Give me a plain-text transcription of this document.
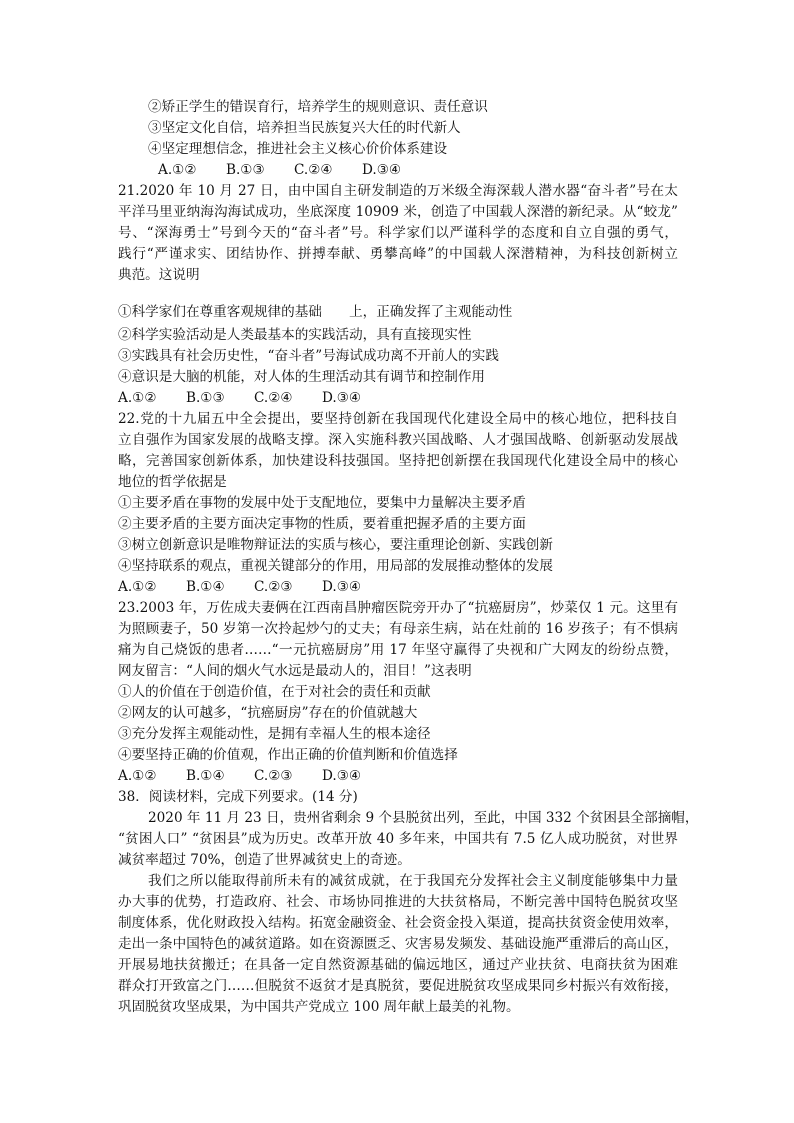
②矫正学生的错误育行，培养学生的规则意识、责任意识
③坚定文化自信，培养担当民族复兴大任的时代新人
④坚定理想信念，推进社会主义核心价价体系建设
A.①② B.①③ C.②④ D.③④
21.2020 年 10 月 27 日，由中国自主研发制造的万米级全海深载人潜水器“奋斗者”号在太
平洋马里亚纳海沟海试成功，坐底深度 10909 米，创造了中国载人深潜的新纪录。从“蛟龙”
号、“深海勇士”号到今天的“奋斗者”号。科学家们以严谨科学的态度和自立自强的勇气，
践行“严谨求实、团结协作、拼搏奉献、勇攀高峰”的中国载人深潜精神，为科技创新树立
典范。这说明
①科学家们在尊重客观规律的基础　　上，正确发挥了主观能动性
②科学实验活动是人类最基本的实践活动，具有直接现实性
③实践具有社会历史性，“奋斗者”号海试成功离不开前人的实践
④意识是大脑的机能，对人体的生理活动其有调节和控制作用
A.①② B.①③ C.②④ D.③④
22.党的十九届五中全会提出，要坚持创新在我国现代化建设全局中的核心地位，把科技自
立自强作为国家发展的战略支撑。深入实施科教兴国战略、人才强国战略、创新驱动发展战
略，完善国家创新体系，加快建设科技强国。坚持把创新摆在我国现代化建设全局中的核心
地位的哲学依据是
①主要矛盾在事物的发展中处于支配地位，要集中力量解决主要矛盾
②主要矛盾的主要方面决定事物的性质，要着重把握矛盾的主要方面
③树立创新意识是唯物辩证法的实质与核心，要注重理论创新、实践创新
④坚持联系的观点，重视关键部分的作用，用局部的发展推动整体的发展
A.①② B.①④ C.②③ D.③④
23.2003 年，万佐成夫妻俩在江西南昌肿瘤医院旁开办了“抗癌厨房”，炒菜仅 1 元。这里有
为照顾妻子，50 岁第一次拎起炒勺的丈夫；有母亲生病，站在灶前的 16 岁孩子；有不惧病
痛为自己烧饭的患者……“一元抗癌厨房”用 17 年坚守赢得了央视和广大网友的纷纷点赞，
网友留言：“人间的烟火气水远是最动人的，泪目！”这表明
①人的价值在于创造价值，在于对社会的责任和贡献
②网友的认可越多，“抗癌厨房”存在的价值就越大
③充分发挥主观能动性，是拥有幸福人生的根本途径
④要坚持正确的价值观，作出正确的价值判断和价值选择
A.①② B.①④ C.②③ D.③④
38．阅读材料，完成下列要求。(14 分)
2020 年 11 月 23 日，贵州省剩余 9 个县脱贫出列，至此，中国 332 个贫困县全部摘帽，
“贫困人口” “贫困县”成为历史。改革开放 40 多年来，中国共有 7.5 亿人成功脱贫，对世界
减贫率超过 70%，创造了世界减贫史上的奇迹。
我们之所以能取得前所未有的减贫成就，在于我国充分发挥社会主义制度能够集中力量
办大事的优势，打造政府、社会、市场协同推进的大扶贫格局，不断完善中国特色脱贫攻坚
制度体系，优化财政投入结构。拓宽金融资金、社会资金投入渠道，提高扶贫资金使用效率，
走出一条中国特色的减贫道路。如在资源匮乏、灾害易发频发、基础设施严重滞后的高山区，
开展易地扶贫搬迁；在具备一定自然资源基础的偏远地区，通过产业扶贫、电商扶贫为困难
群众打开致富之门……但脱贫不返贫才是真脱贫，要促进脱贫攻坚成果同乡村振兴有效衔接，
巩固脱贫攻坚成果，为中国共产党成立 100 周年献上最美的礼物。
